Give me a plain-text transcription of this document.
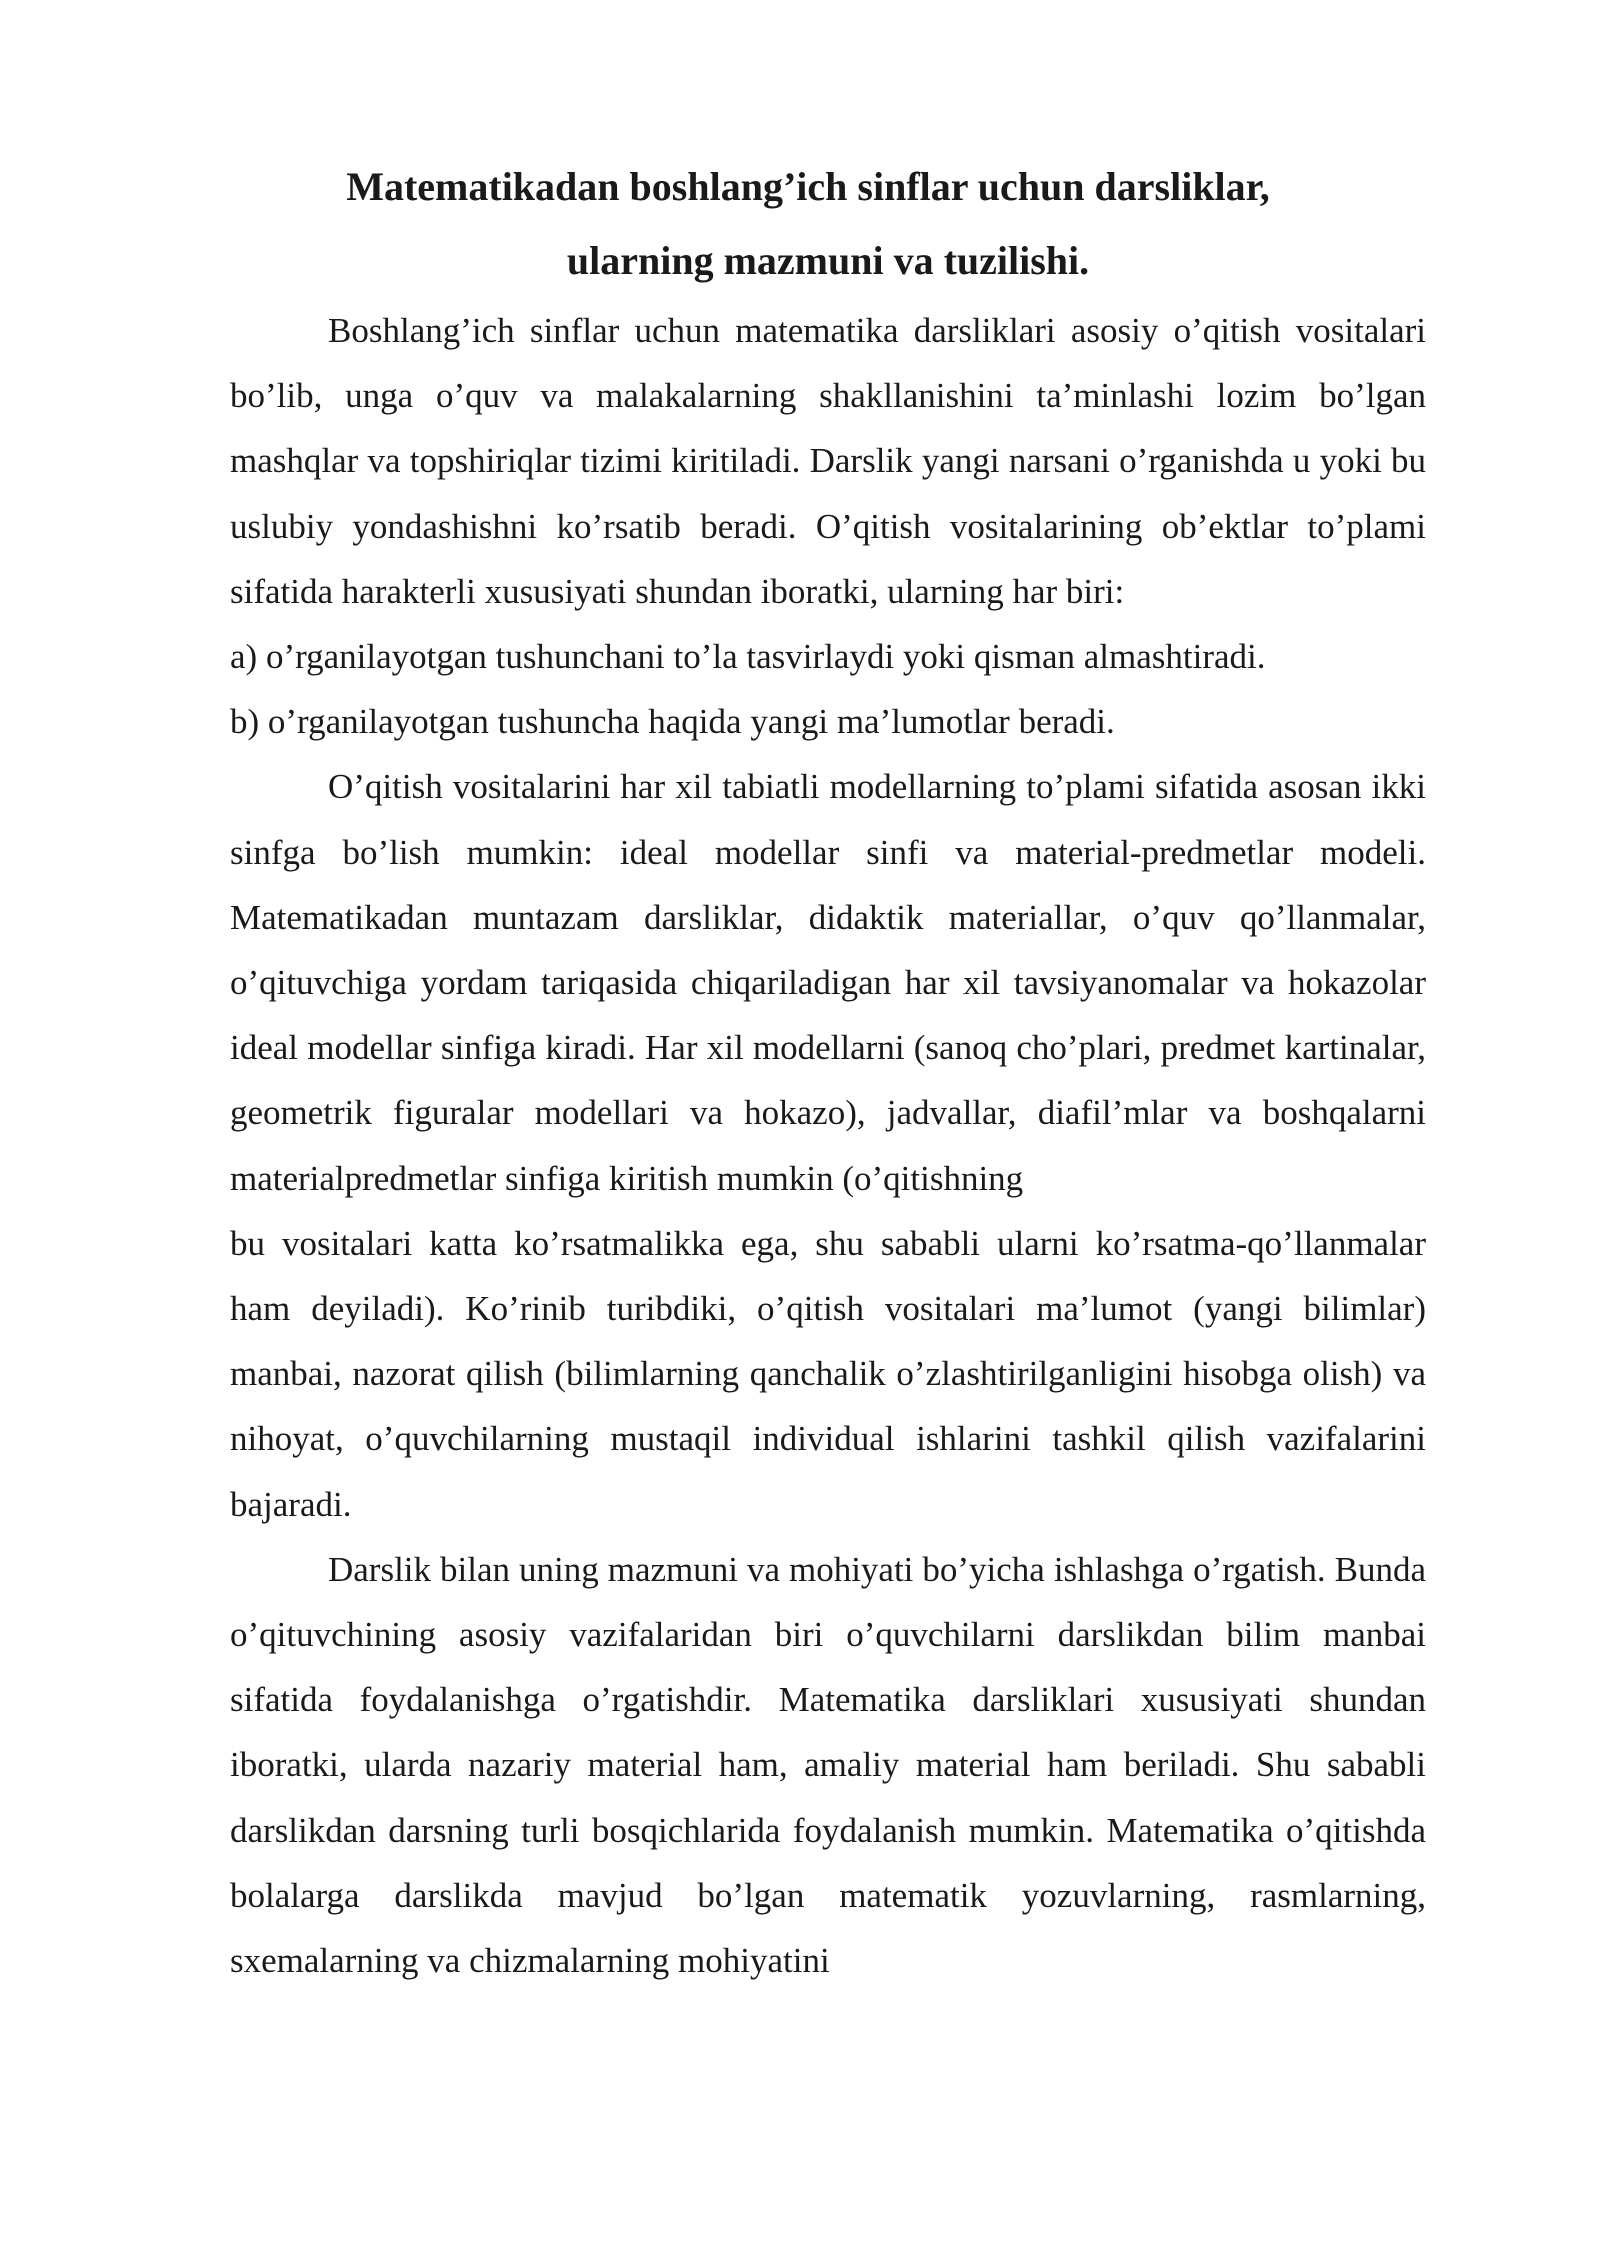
Matematikadan boshlang’ich sinflar uchun darsliklar,
ularning mazmuni va tuzilishi.

Boshlang’ich sinflar uchun matematika darsliklari asosiy o’qitish vositalari bo’lib, unga o’quv va malakalarning shakllanishini ta’minlashi lozim bo’lgan mashqlar va topshiriqlar tizimi kiritiladi. Darslik yangi narsani o’rganishda u yoki bu uslubiy yondashishni ko’rsatib beradi. O’qitish vositalarining ob’ektlar to’plami sifatida harakterli xususiyati shundan iboratki, ularning har biri:

a) o’rganilayotgan tushunchani to’la tasvirlaydi yoki qisman almashtiradi.

b) o’rganilayotgan tushuncha haqida yangi ma’lumotlar beradi.

O’qitish vositalarini har xil tabiatli modellarning to’plami sifatida asosan ikki sinfga bo’lish mumkin: ideal modellar sinfi va material-predmetlar modeli. Matematikadan muntazam darsliklar, didaktik materiallar, o’quv qo’llanmalar, o’qituvchiga yordam tariqasida chiqariladigan har xil tavsiyanomalar va hokazolar ideal modellar sinfiga kiradi. Har xil modellarni (sanoq cho’plari, predmet kartinalar, geometrik figuralar modellari va hokazo), jadvallar, diafil’mlar va boshqalarni materialpredmetlar sinfiga kiritish mumkin (o’qitishning

bu vositalari katta ko’rsatmalikka ega, shu sababli ularni ko’rsatma-qo’llanmalar ham deyiladi). Ko’rinib turibdiki, o’qitish vositalari ma’lumot (yangi bilimlar) manbai, nazorat qilish (bilimlarning qanchalik o’zlashtirilganligini hisobga olish) va nihoyat, o’quvchilarning mustaqil individual ishlarini tashkil qilish vazifalarini bajaradi.

Darslik bilan uning mazmuni va mohiyati bo’yicha ishlashga o’rgatish. Bunda o’qituvchining asosiy vazifalaridan biri o’quvchilarni darslikdan bilim manbai sifatida foydalanishga o’rgatishdir. Matematika darsliklari xususiyati shundan iboratki, ularda nazariy material ham, amaliy material ham beriladi. Shu sababli darslikdan darsning turli bosqichlarida foydalanish mumkin. Matematika o’qitishda bolalarga darslikda mavjud bo’lgan matematik yozuvlarning, rasmlarning, sxemalarning va chizmalarning mohiyatini
